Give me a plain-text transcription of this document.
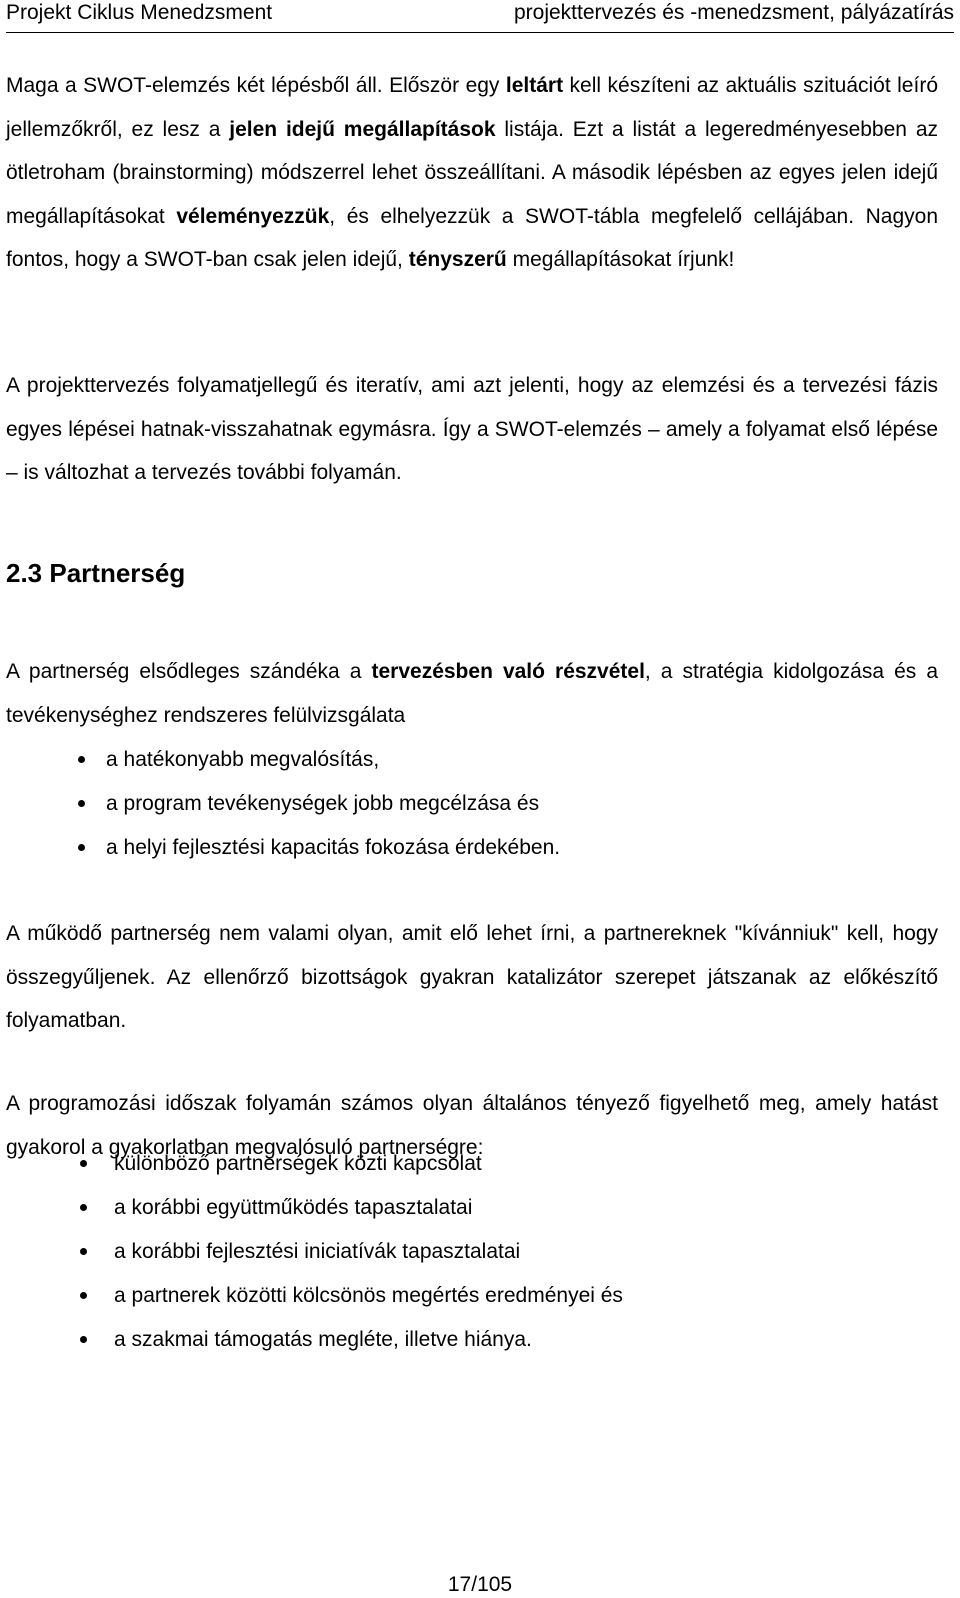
Projekt Ciklus Menedzsment	projekttervezés és -menedzsment, pályázatírás

Maga a SWOT-elemzés két lépésből áll. Először egy leltárt kell készíteni az aktuális szituációt leíró jellemzőkről, ez lesz a jelen idejű megállapítások listája. Ezt a listát a legeredményesebben az ötletroham (brainstorming) módszerrel lehet összeállítani. A második lépésben az egyes jelen idejű megállapításokat véleményezzük, és elhelyezzük a SWOT-tábla megfelelő cellájában. Nagyon fontos, hogy a SWOT-ban csak jelen idejű, tényszerű megállapításokat írjunk!

A projekttervezés folyamatjellegű és iteratív, ami azt jelenti, hogy az elemzési és a tervezési fázis egyes lépései hatnak-visszahatnak egymásra. Így a SWOT-elemzés – amely a folyamat első lépése – is változhat a tervezés további folyamán.

2.3 Partnerség

A partnerség elsődleges szándéka a tervezésben való részvétel, a stratégia kidolgozása és a tevékenységhez rendszeres felülvizsgálata

a hatékonyabb megvalósítás,
a program tevékenységek jobb megcélzása és
a helyi fejlesztési kapacitás fokozása érdekében.

A működő partnerség nem valami olyan, amit elő lehet írni, a partnereknek "kívánniuk" kell, hogy összegyűljenek. Az ellenőrző bizottságok gyakran katalizátor szerepet játszanak az előkészítő folyamatban.

A programozási időszak folyamán számos olyan általános tényező figyelhető meg, amely hatást gyakorol a gyakorlatban megvalósuló partnerségre:

különböző partnerségek közti kapcsolat
a korábbi együttműködés tapasztalatai
a korábbi fejlesztési iniciatívák tapasztalatai
a partnerek közötti kölcsönös megértés eredményei és
a szakmai támogatás megléte, illetve hiánya.
17/105
